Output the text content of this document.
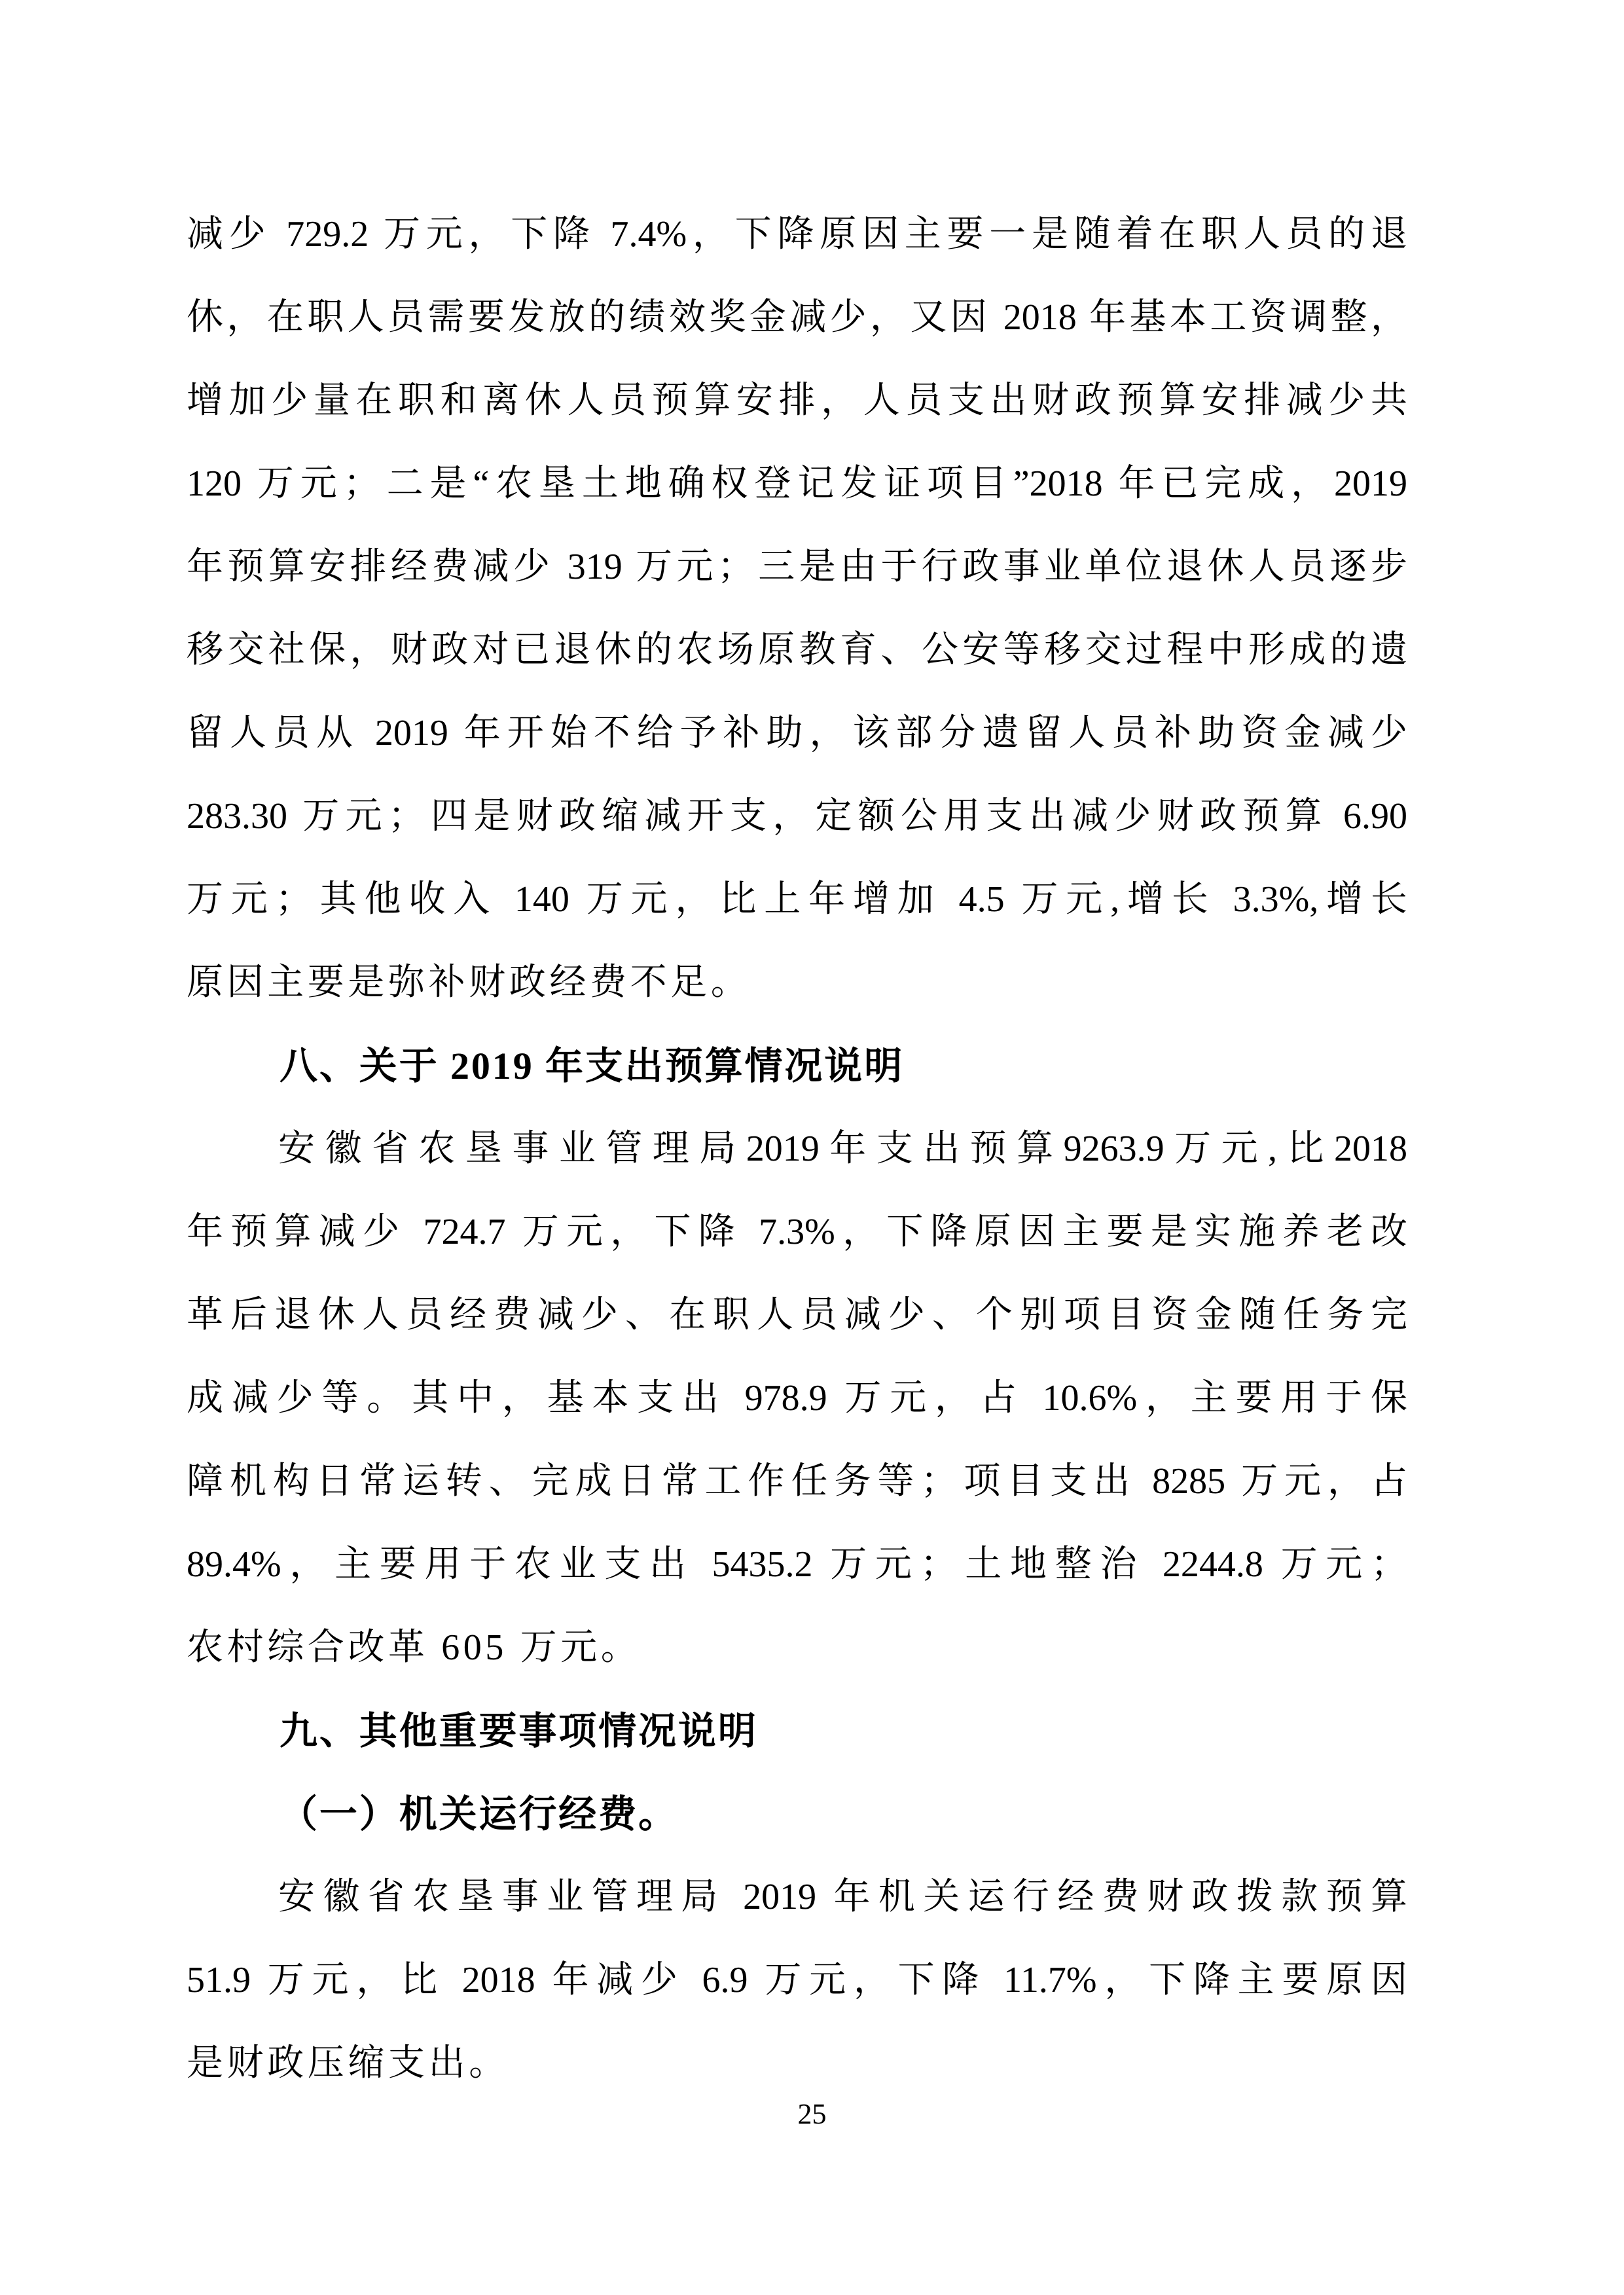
减少 729.2 万元，下降 7.4%，下降原因主要一是随着在职人员的退
休，在职人员需要发放的绩效奖金减少，又因 2018 年基本工资调整，
增加少量在职和离休人员预算安排，人员支出财政预算安排减少共
120 万元；二是“农垦土地确权登记发证项目”2018 年已完成，2019
年预算安排经费减少 319 万元；三是由于行政事业单位退休人员逐步
移交社保，财政对已退休的农场原教育、公安等移交过程中形成的遗
留人员从 2019 年开始不给予补助，该部分遗留人员补助资金减少
283.30 万元；四是财政缩减开支，定额公用支出减少财政预算 6.90
万元；其他收入 140 万元，比上年增加 4.5 万元,增长 3.3%,增长
原因主要是弥补财政经费不足。

八、关于 2019 年支出预算情况说明

安徽省农垦事业管理局2019年支出预算9263.9万元,比2018
年预算减少 724.7 万元，下降 7.3%，下降原因主要是实施养老改
革后退休人员经费减少、在职人员减少、个别项目资金随任务完
成减少等。其中，基本支出 978.9 万元，占 10.6%，主要用于保
障机构日常运转、完成日常工作任务等；项目支出 8285 万元，占
89.4%，主要用于农业支出 5435.2 万元；土地整治 2244.8 万元；
农村综合改革 605 万元。

九、其他重要事项情况说明
（一）机关运行经费。

安徽省农垦事业管理局 2019 年机关运行经费财政拨款预算
51.9 万元，比 2018 年减少 6.9 万元，下降 11.7%，下降主要原因
是财政压缩支出。

25
